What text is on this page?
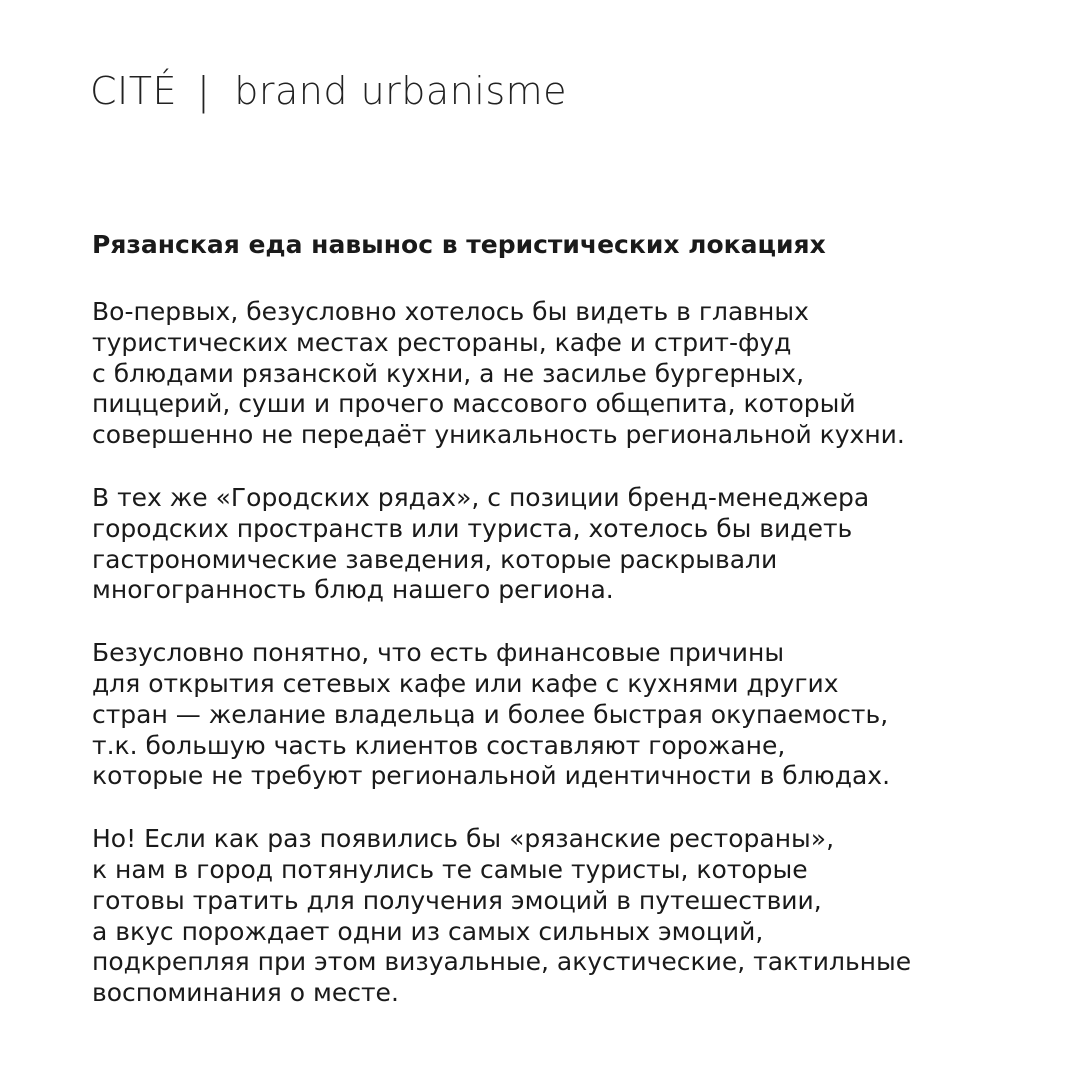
CITÉ | brand urbanisme
Рязанская еда навынос в теристических локациях
Во-первых, безусловно хотелось бы видеть в главных
туристических местах рестораны, кафе и стрит-фуд
с блюдами рязанской кухни, а не засилье бургерных,
пиццерий, суши и прочего массового общепита, который
совершенно не передаёт уникальность региональной кухни.
В тех же «Городских рядах», с позиции бренд-менеджера
городских пространств или туриста, хотелось бы видеть
гастрономические заведения, которые раскрывали
многогранность блюд нашего региона.
Безусловно понятно, что есть финансовые причины
для открытия сетевых кафе или кафе с кухнями других
стран — желание владельца и более быстрая окупаемость,
т.к. большую часть клиентов составляют горожане,
которые не требуют региональной идентичности в блюдах.
Но! Если как раз появились бы «рязанские рестораны»,
к нам в город потянулись те самые туристы, которые
готовы тратить для получения эмоций в путешествии,
а вкус порождает одни из самых сильных эмоций,
подкрепляя при этом визуальные, акустические, тактильные
воспоминания о месте.
